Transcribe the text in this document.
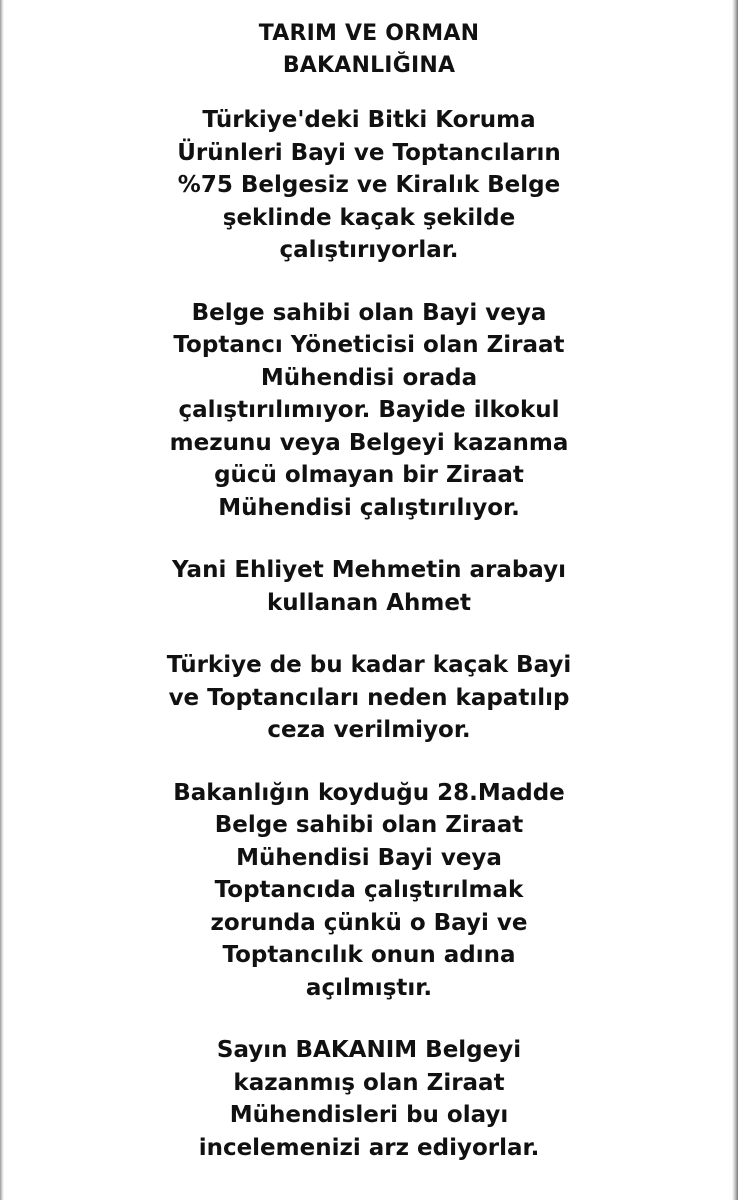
TARIM VE ORMAN
BAKANLIĞINA
Türkiye'deki Bitki Koruma
Ürünleri Bayi ve Toptancıların
%75 Belgesiz ve Kiralık Belge
şeklinde kaçak şekilde
çalıştırıyorlar.
Belge sahibi olan Bayi veya
Toptancı Yöneticisi olan Ziraat
Mühendisi orada
çalıştırılımıyor. Bayide ilkokul
mezunu veya Belgeyi kazanma
gücü olmayan bir Ziraat
Mühendisi çalıştırılıyor.
Yani Ehliyet Mehmetin arabayı
kullanan Ahmet
Türkiye de bu kadar kaçak Bayi
ve Toptancıları neden kapatılıp
ceza verilmiyor.
Bakanlığın koyduğu 28.Madde
Belge sahibi olan Ziraat
Mühendisi Bayi veya
Toptancıda çalıştırılmak
zorunda çünkü o Bayi ve
Toptancılık onun adına
açılmıştır.
Sayın BAKANIM Belgeyi
kazanmış olan Ziraat
Mühendisleri bu olayı
incelemenizi arz ediyorlar.
